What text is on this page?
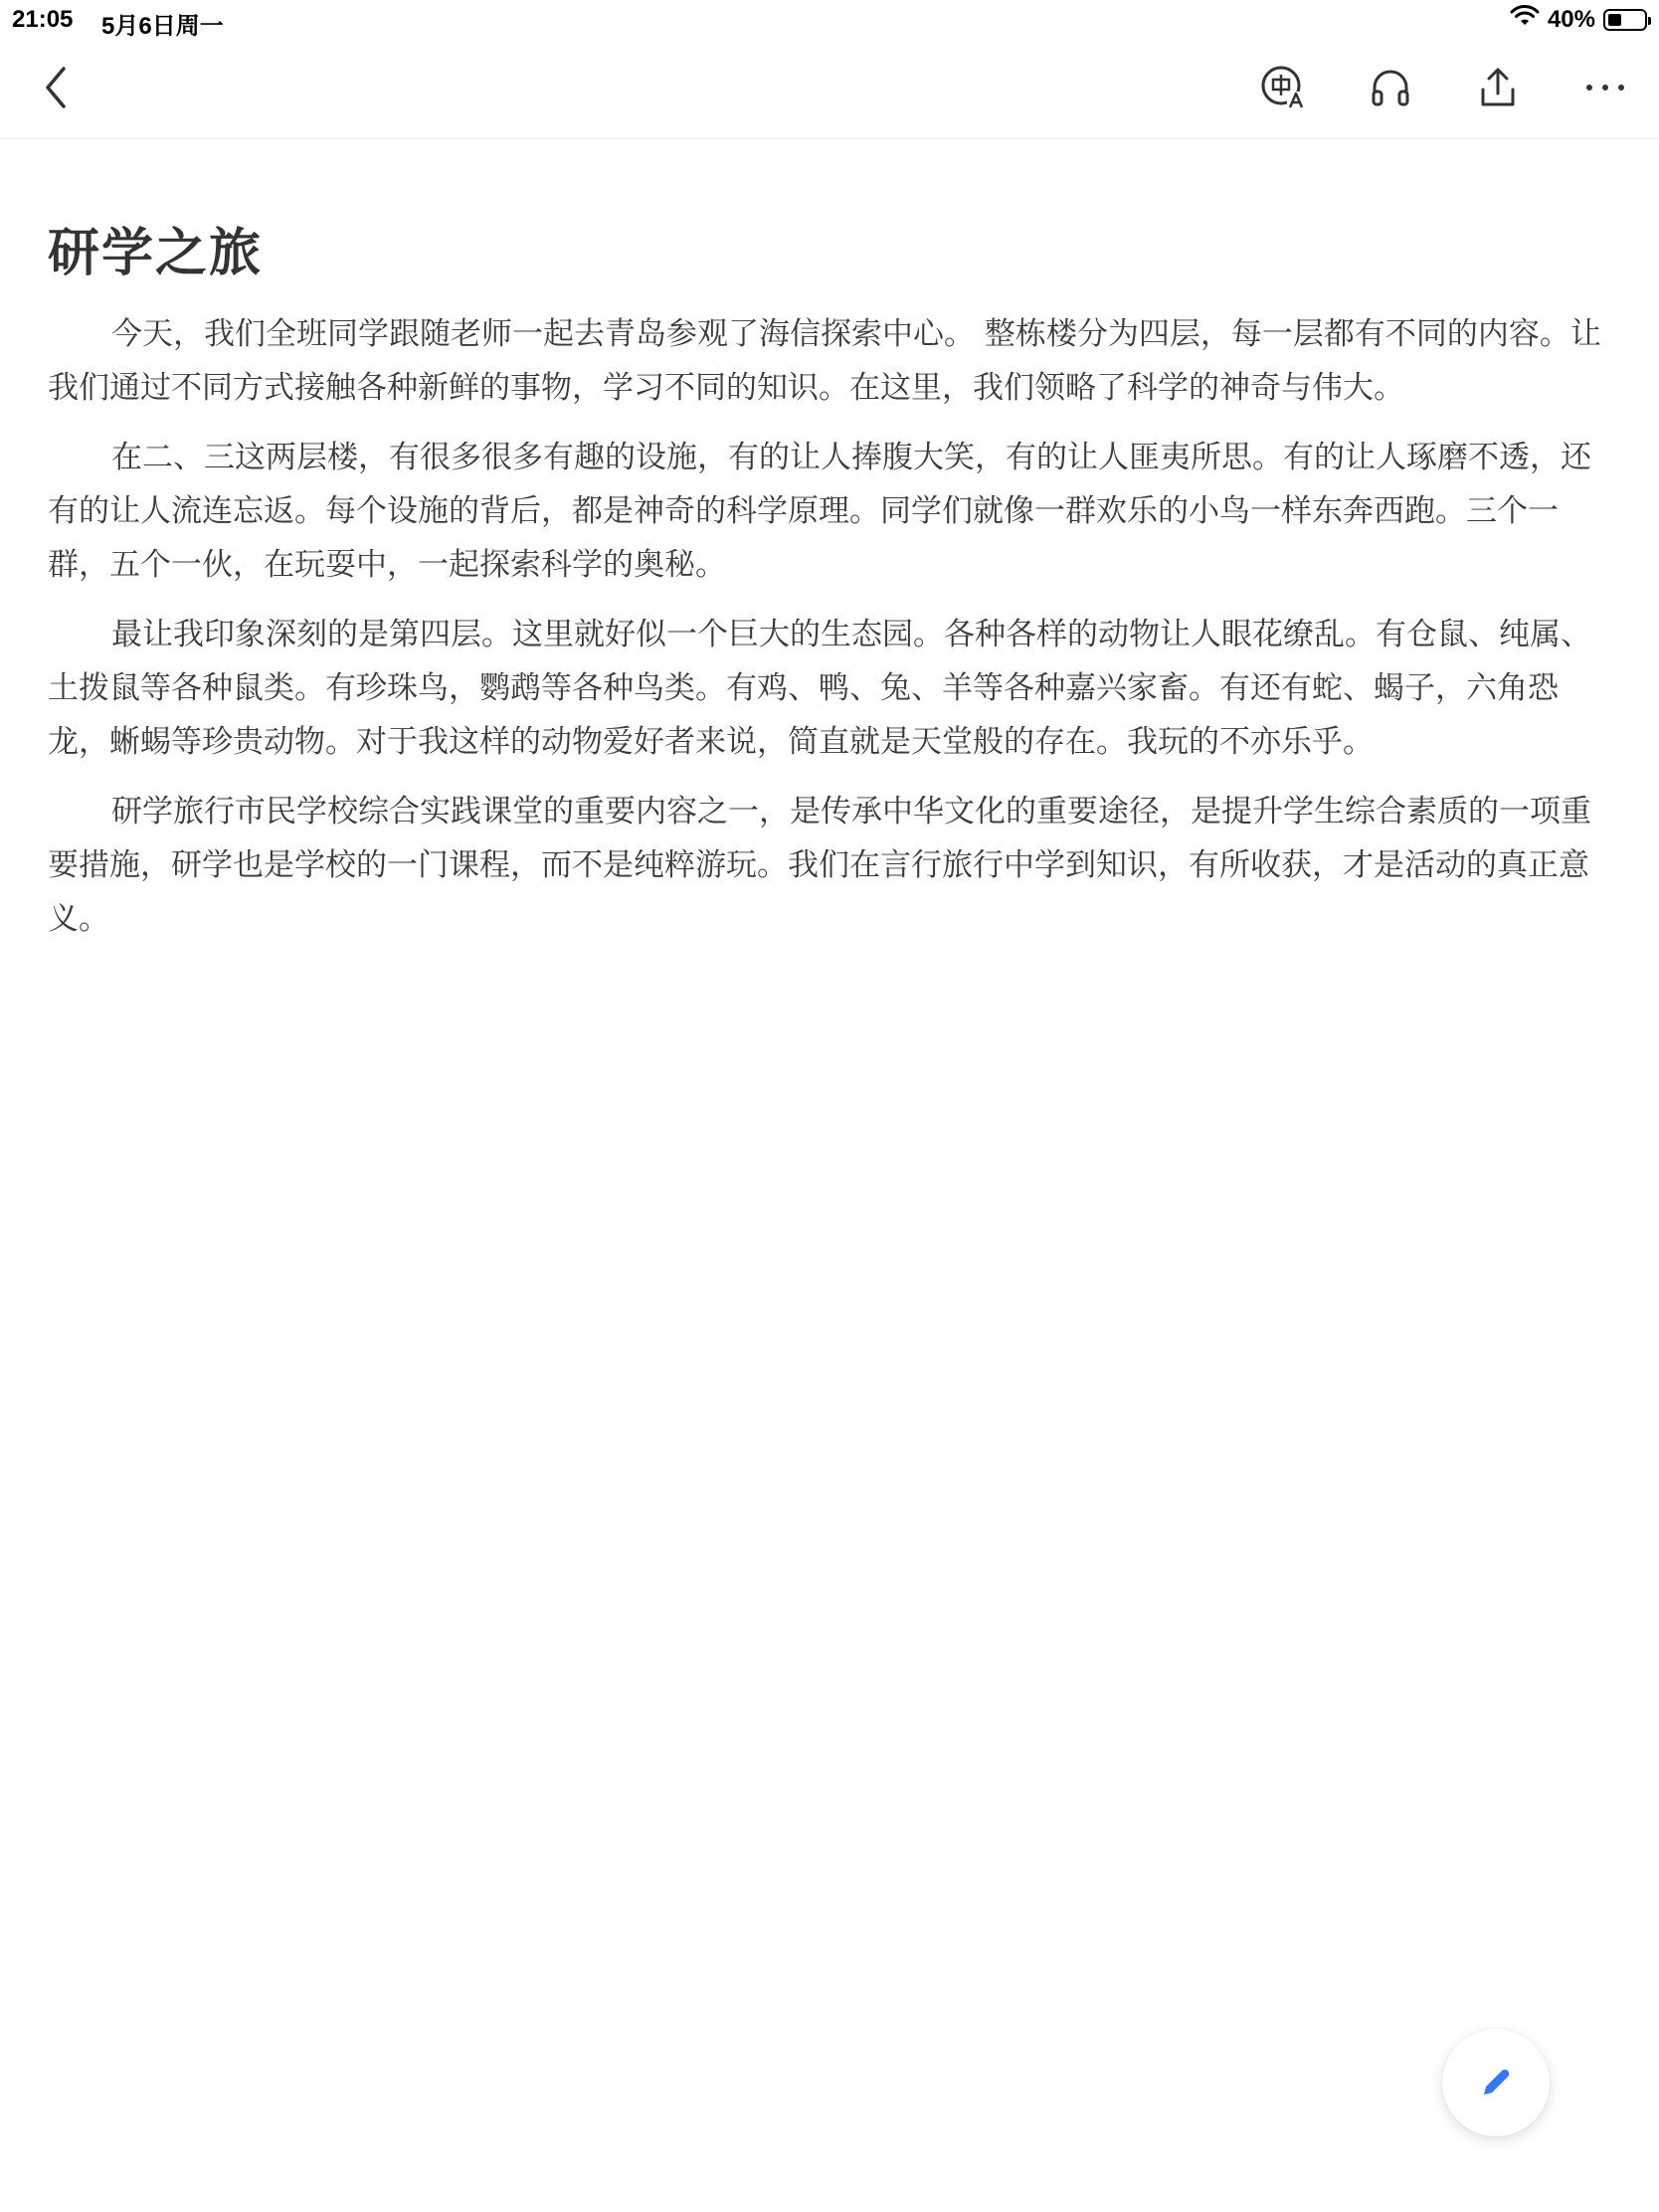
21:05 5月6日周一	40%
研学之旅

今天，我们全班同学跟随老师一起去青岛参观了海信探索中心。 整栋楼分为四层，每一层都有不同的内容。让我们通过不同方式接触各种新鲜的事物，学习不同的知识。在这里，我们领略了科学的神奇与伟大。

在二、三这两层楼，有很多很多有趣的设施，有的让人捧腹大笑，有的让人匪夷所思。有的让人琢磨不透，还有的让人流连忘返。每个设施的背后，都是神奇的科学原理。同学们就像一群欢乐的小鸟一样东奔西跑。三个一群，五个一伙，在玩耍中，一起探索科学的奥秘。

最让我印象深刻的是第四层。这里就好似一个巨大的生态园。各种各样的动物让人眼花缭乱。有仓鼠、纯属、土拨鼠等各种鼠类。有珍珠鸟，鹦鹉等各种鸟类。有鸡、鸭、兔、羊等各种嘉兴家畜。有还有蛇、蝎子，六角恐龙，蜥蜴等珍贵动物。对于我这样的动物爱好者来说，简直就是天堂般的存在。我玩的不亦乐乎。

研学旅行市民学校综合实践课堂的重要内容之一，是传承中华文化的重要途径，是提升学生综合素质的一项重要措施，研学也是学校的一门课程，而不是纯粹游玩。我们在言行旅行中学到知识，有所收获，才是活动的真正意义。
